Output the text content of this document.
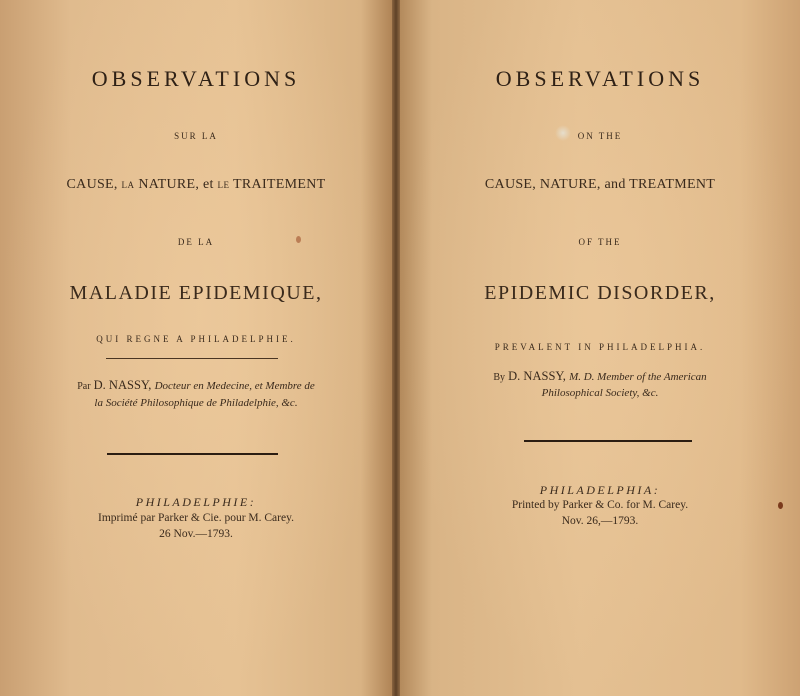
OBSERVATIONS
SUR LA
CAUSE, LA NATURE, et LE TRAITEMENT
DE LA
MALADIE EPIDEMIQUE,
QUI REGNE A PHILADELPHIE.
Par D. NASSY, Docteur en Medecine, et Membre de
la Société Philosophique de Philadelphie, &c.
PHILADELPHIE:
Imprimé par Parker & Cie. pour M. Carey.
26 Nov.—1793.
OBSERVATIONS
ON THE
CAUSE, NATURE, and TREATMENT
OF THE
EPIDEMIC DISORDER,
PREVALENT IN PHILADELPHIA.
By D. NASSY, M. D. Member of the American
Philosophical Society, &c.
PHILADELPHIA:
Printed by Parker & Co. for M. Carey.
Nov. 26,—1793.
